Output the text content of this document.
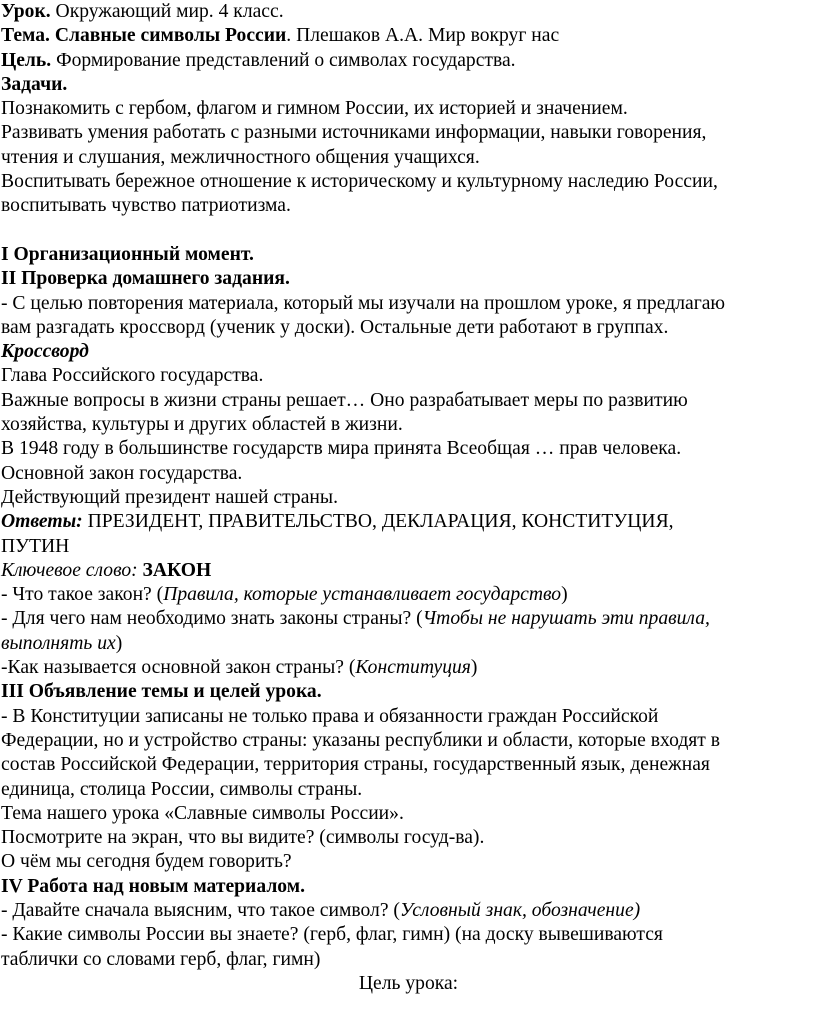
Урок. Окружающий мир. 4 класс.
Тема. Славные символы России. Плешаков А.А. Мир вокруг нас
Цель. Формирование представлений о символах государства.
Задачи.
Познакомить с гербом, флагом и гимном России, их историей и значением.
Развивать умения работать с разными источниками информации, навыки говорения,
чтения и слушания, межличностного общения учащихся.
Воспитывать бережное отношение к историческому и культурному наследию России,
воспитывать чувство патриотизма.
I Организационный момент.
II Проверка домашнего задания.
- С целью повторения материала, который мы изучали на прошлом уроке, я предлагаю
вам разгадать кроссворд (ученик у доски). Остальные дети работают в группах.
Кроссворд
Глава Российского государства.
Важные вопросы в жизни страны решает… Оно разрабатывает меры по развитию
хозяйства, культуры и других областей в жизни.
В 1948 году в большинстве государств мира принята Всеобщая … прав человека.
Основной закон государства.
Действующий президент нашей страны.
Ответы: ПРЕЗИДЕНТ, ПРАВИТЕЛЬСТВО, ДЕКЛАРАЦИЯ, КОНСТИТУЦИЯ,
ПУТИН
Ключевое слово: ЗАКОН
- Что такое закон? (Правила, которые устанавливает государство)
- Для чего нам необходимо знать законы страны? (Чтобы не нарушать эти правила,
выполнять их)
-Как называется основной закон страны? (Конституция)
III Объявление темы и целей урока.
- В Конституции записаны не только права и обязанности граждан Российской
Федерации, но и устройство страны: указаны республики и области, которые входят в
состав Российской Федерации, территория страны, государственный язык, денежная
единица, столица России, символы страны.
Тема нашего урока «Славные символы России».
Посмотрите на экран, что вы видите? (символы госуд-ва).
О чём мы сегодня будем говорить?
IV Работа над новым материалом.
- Давайте сначала выясним, что такое символ? (Условный знак, обозначение)
- Какие символы России вы знаете? (герб, флаг, гимн) (на доску вывешиваются
таблички со словами герб, флаг, гимн)
Цель урока:
